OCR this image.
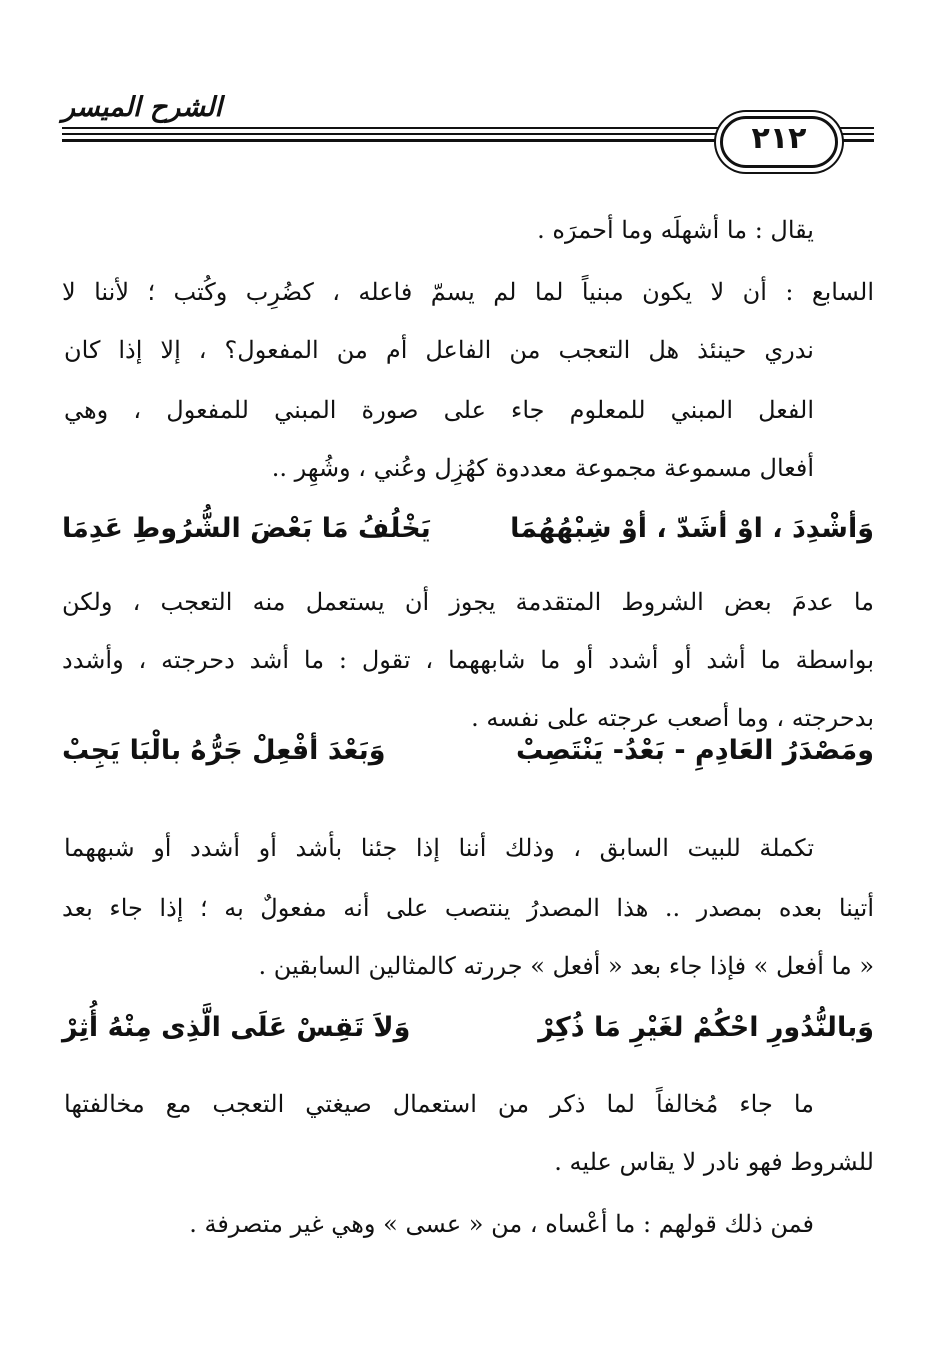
الشرح الميسر
٢١٢
يقال : ما أشهلَه وما أحمرَه .
السابع : أن لا يكون مبنياً لما لم يسمّ فاعله ، كضُرِب وكُتب ؛ لأننا لا
ندري حينئذ هل التعجب من الفاعل أم من المفعول؟ ، إلا إذا كان
الفعل المبني للمعلوم جاء على صورة المبني للمفعول ، وهي
أفعال مسموعة مجموعة معددوة كهُزِل وعُني ، وشُهِر ..
وَأشْدِدَ ، اوْ أشَدّ ، أوْ شِبْهُهُمَا
يَخْلُفُ مَا بَعْضَ الشُّرُوطِ عَدِمَا
ما عدمَ بعض الشروط المتقدمة يجوز أن يستعمل منه التعجب ، ولكن
بواسطة ما أشد أو أشدد أو ما شابههما ، تقول : ما أشد دحرجته ، وأشدد
بدحرجته ، وما أصعب عرجته على نفسه .
ومَصْدَرُ العَادِمِ - بَعْدُ- يَنْتَصِبْ
وَبَعْدَ أفْعِلْ جَرُّهُ بالْبَا يَجِبْ
تكملة للبيت السابق ، وذلك أننا إذا جئنا بأشد أو أشدد أو شبههما
أتينا بعده بمصدر .. هذا المصدرُ ينتصب على أنه مفعولٌ به ؛ إذا جاء بعد
« ما أفعل » فإذا جاء بعد « أفعل » جررته كالمثالين السابقين .
وَبالنُّدُورِ احْكُمْ لغَيْرِ مَا ذُكِرْ
وَلاَ تَقِسْ عَلَى الَّذِى مِنْهُ أُثِرْ
ما جاء مُخالفاً لما ذكر من استعمال صيغتي التعجب مع مخالفتها
للشروط فهو نادر لا يقاس عليه .
فمن ذلك قولهم : ما أعْساه ، من « عسى » وهي غير متصرفة .
